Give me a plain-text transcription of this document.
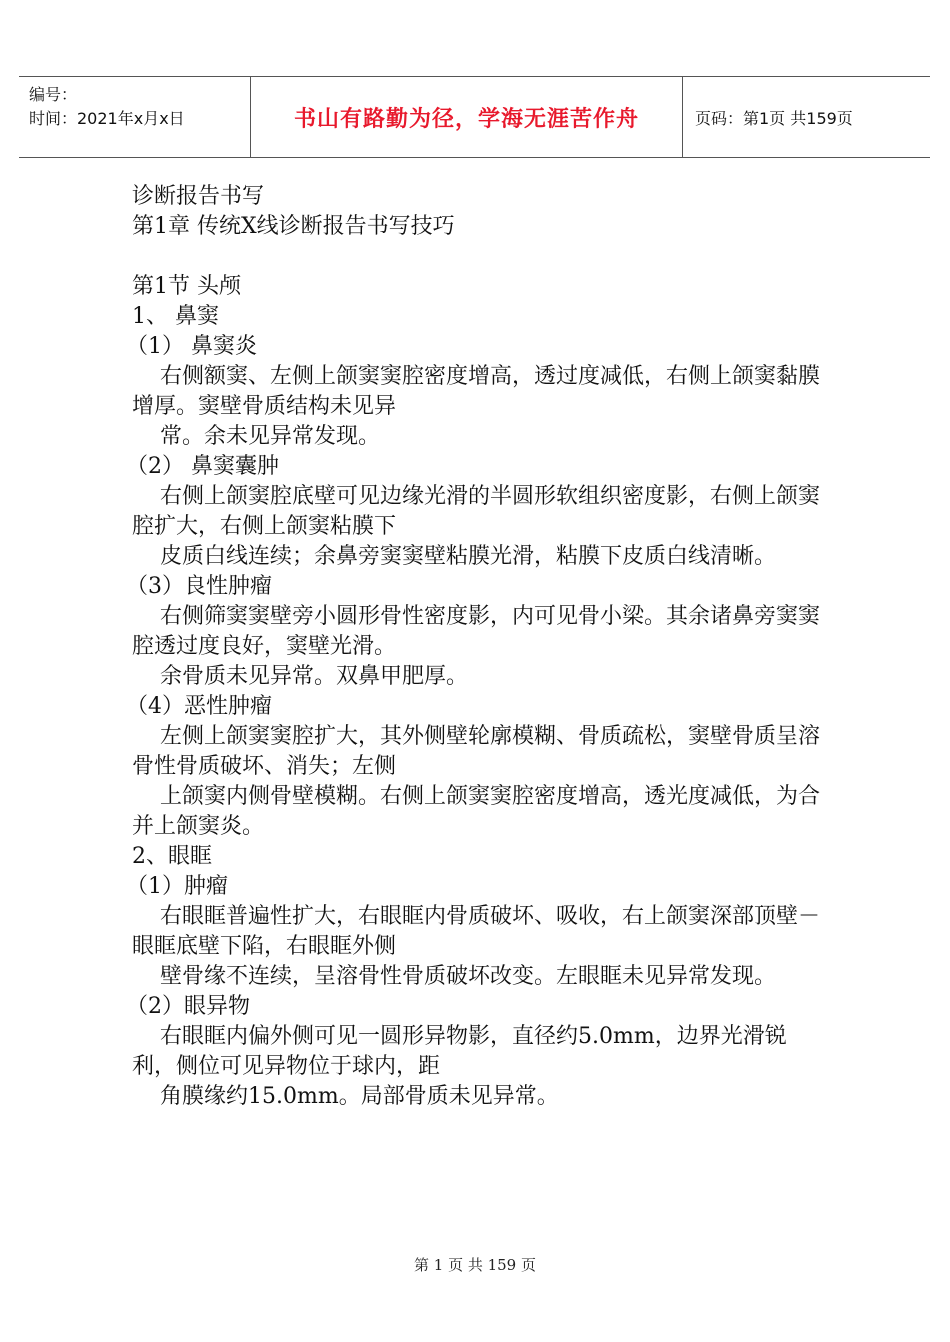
编号：
时间：2021年x月x日	书山有路勤为径，学海无涯苦作舟	页码：第1页 共159页
诊断报告书写
第1章 传统X线诊断报告书写技巧
第1节 头颅
1、 鼻窦
（1） 鼻窦炎
右侧额窦、左侧上颌窦窦腔密度增高，透过度减低，右侧上颌窦黏膜增厚。窦壁骨质结构未见异
常。余未见异常发现。
（2） 鼻窦囊肿
右侧上颌窦腔底壁可见边缘光滑的半圆形软组织密度影，右侧上颌窦腔扩大，右侧上颌窦粘膜下
皮质白线连续；余鼻旁窦窦壁粘膜光滑，粘膜下皮质白线清晰。
（3）良性肿瘤
右侧筛窦窦壁旁小圆形骨性密度影，内可见骨小梁。其余诸鼻旁窦窦腔透过度良好，窦壁光滑。
余骨质未见异常。双鼻甲肥厚。
（4）恶性肿瘤
左侧上颌窦窦腔扩大，其外侧壁轮廓模糊、骨质疏松，窦壁骨质呈溶骨性骨质破坏、消失；左侧
上颌窦内侧骨壁模糊。右侧上颌窦窦腔密度增高，透光度减低，为合并上颌窦炎。
2、眼眶
（1）肿瘤
右眼眶普遍性扩大，右眼眶内骨质破坏、吸收，右上颌窦深部顶壁－眼眶底壁下陷，右眼眶外侧
壁骨缘不连续，呈溶骨性骨质破坏改变。左眼眶未见异常发现。
（2）眼异物
右眼眶内偏外侧可见一圆形异物影，直径约5.0mm，边界光滑锐利，侧位可见异物位于球内，距
角膜缘约15.0mm。局部骨质未见异常。
第 1 页 共 159 页
